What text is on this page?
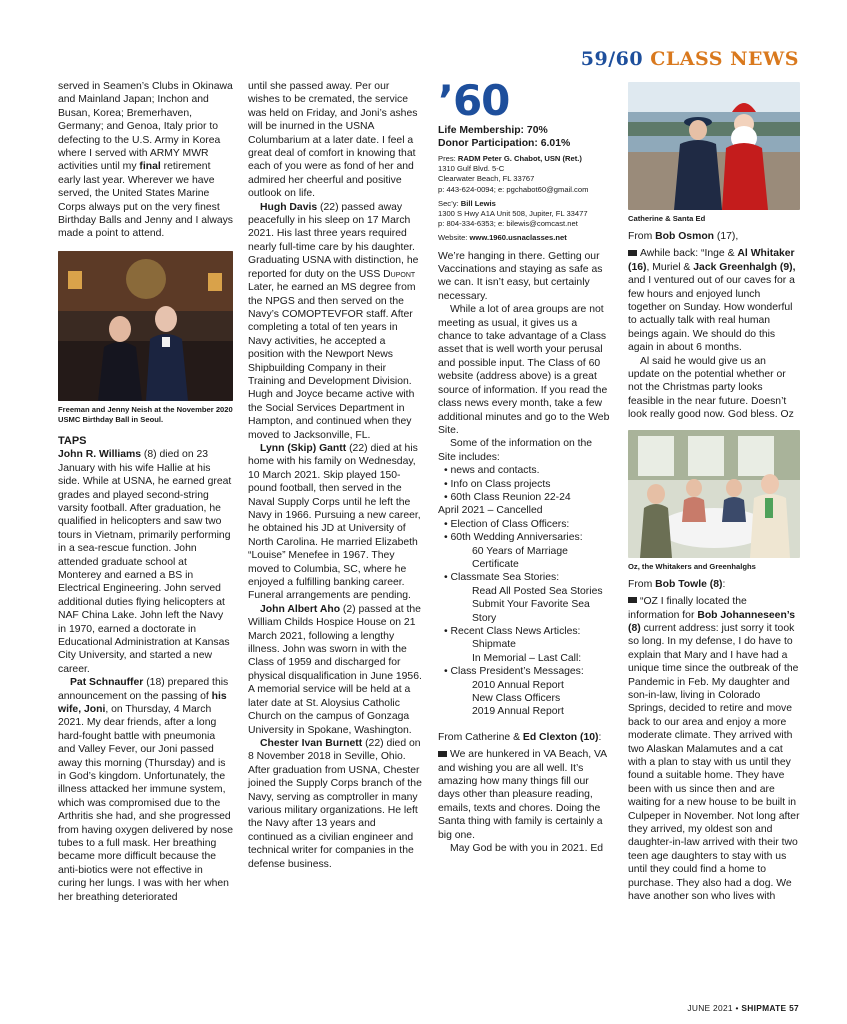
59/60 CLASS NEWS

served in Seamen’s Clubs in Okinawa and Mainland Japan; Inchon and Busan, Korea; Bremerhaven, Germany; and Genoa, Italy prior to defecting to the U.S. Army in Korea where I served with ARMY MWR activities until my final retirement early last year. Wherever we have served, the United States Marine Corps always put on the very finest Birthday Balls and Jenny and I always made a point to attend.

Freeman and Jenny Neish at the November 2020 USMC Birthday Ball in Seoul.
TAPS

John R. Williams (8) died on 23 January with his wife Hallie at his side. While at USNA, he earned great grades and played second-string varsity football. After graduation, he qualified in helicopters and saw two tours in Vietnam, primarily performing in a sea-rescue function. John attended graduate school at Monterey and earned a BS in Electrical Engineering. John served additional duties flying helicopters at NAF China Lake. John left the Navy in 1970, earned a doctorate in Educational Administration at Kansas City University, and started a new career.

Pat Schnauffer (18) prepared this announcement on the passing of his wife, Joni, on Thursday, 4 March 2021. My dear friends, after a long hard-fought battle with pneumonia and Valley Fever, our Joni passed away this morning (Thursday) and is in God’s kingdom. Unfortunately, the illness attacked her immune system, which was compromised due to the Arthritis she had, and she progressed from having oxygen delivered by nose tubes to a full mask. Her breathing became more difficult because the anti-biotics were not effective in curing her lungs. I was with her when her breathing deteriorated

until she passed away. Per our wishes to be cremated, the service was held on Friday, and Joni’s ashes will be inurned in the USNA Columbarium at a later date. I feel a great deal of comfort in knowing that each of you were as fond of her and admired her cheerful and positive outlook on life.

Hugh Davis (22) passed away peacefully in his sleep on 17 March 2021. His last three years required nearly full-time care by his daughter. Graduating USNA with distinction, he reported for duty on the USS Dupont Later, he earned an MS degree from the NPGS and then served on the Navy’s COMOPTEVFOR staff. After completing a total of ten years in Navy activities, he accepted a position with the Newport News Shipbuilding Company in their Training and Development Division. Hugh and Joyce became active with the Social Services Department in Hampton, and continued when they moved to Jacksonville, FL.

Lynn (Skip) Gantt (22) died at his home with his family on Wednesday, 10 March 2021. Skip played 150-pound football, then served in the Naval Supply Corps until he left the Navy in 1966. Pursuing a new career, he obtained his JD at University of North Carolina. He married Elizabeth “Louise” Menefee in 1967. They moved to Columbia, SC, where he enjoyed a fulfilling banking career. Funeral arrangements are pending.

John Albert Aho (2) passed at the William Childs Hospice House on 21 March 2021, following a lengthy illness. John was sworn in with the Class of 1959 and discharged for physical disqualification in June 1956. A memorial service will be held at a later date at St. Aloysius Catholic Church on the campus of Gonzaga University in Spokane, Washington.

Chester Ivan Burnett (22) died on 8 November 2018 in Seville, Ohio. After graduation from USNA, Chester joined the Supply Corps branch of the Navy, serving as comptroller in many various military organizations. He left the Navy after 13 years and continued as a civilian engineer and technical writer for companies in the defense business.

’60
Life Membership: 70%
Donor Participation: 6.01%
Pres: RADM Peter G. Chabot, USN (Ret.)
1310 Gulf Blvd. 5-C
Clearwater Beach, FL 33767
p: 443-624-0094; e: pgchabot60@gmail.com
Sec’y: Bill Lewis
1300 S Hwy A1A Unit 508, Jupiter, FL 33477
p: 804-334-6353; e: bilewis@comcast.net
Website: www.1960.usnaclasses.net

We’re hanging in there. Getting our Vaccinations and staying as safe as we can. It isn’t easy, but certainly necessary.

While a lot of area groups are not meeting as usual, it gives us a chance to take advantage of a Class asset that is well worth your perusal and possible input. The Class of 60 website (address above) is a great source of information. If you read the class news every month, take a few additional minutes and go to the Web Site.

Some of the information on the Site includes:

• news and contacts.
• Info on Class projects
• 60th Class Reunion 22-24
April 2021 – Cancelled
• Election of Class Officers:
• 60th Wedding Anniversaries:
60 Years of Marriage Certificate
• Classmate Sea Stories:
Read All Posted Sea Stories
Submit Your Favorite Sea Story
• Recent Class News Articles:
Shipmate
In Memorial – Last Call:
• Class President’s Messages:
2010 Annual Report
New Class Officers
2019 Annual Report

From Catherine & Ed Clexton (10):

We are hunkered in VA Beach, VA and wishing you are all well. It’s amazing how many things fill our days other than pleasure reading, emails, texts and chores. Doing the Santa thing with family is certainly a big one.

May God be with you in 2021. Ed

Catherine & Santa Ed

From Bob Osmon (17),

Awhile back: “Inge & Al Whitaker (16), Muriel & Jack Greenhalgh (9), and I ventured out of our caves for a few hours and enjoyed lunch together on Sunday. How wonderful to actually talk with real human beings again. We should do this again in about 6 months.

Al said he would give us an update on the potential whether or not the Christmas party looks feasible in the near future. Doesn’t look really good now. God bless. Oz

Oz, the Whitakers and Greenhalghs

From Bob Towle (8):

“OZ I finally located the information for Bob Johanneseen’s (8) current address: just sorry it took so long. In my defense, I do have to explain that Mary and I have had a unique time since the outbreak of the Pandemic in Feb. My daughter and son-in-law, living in Colorado Springs, decided to retire and move back to our area and enjoy a more moderate climate. They arrived with two Alaskan Malamutes and a cat with a plan to stay with us until they found a suitable home. They have been with us since then and are waiting for a new house to be built in Culpeper in November. Not long after they arrived, my oldest son and daughter-in-law arrived with their two teen age daughters to stay with us until they could find a home to purchase. They also had a dog. We have another son who lives with

JUNE 2021 • SHIPMATE 57
